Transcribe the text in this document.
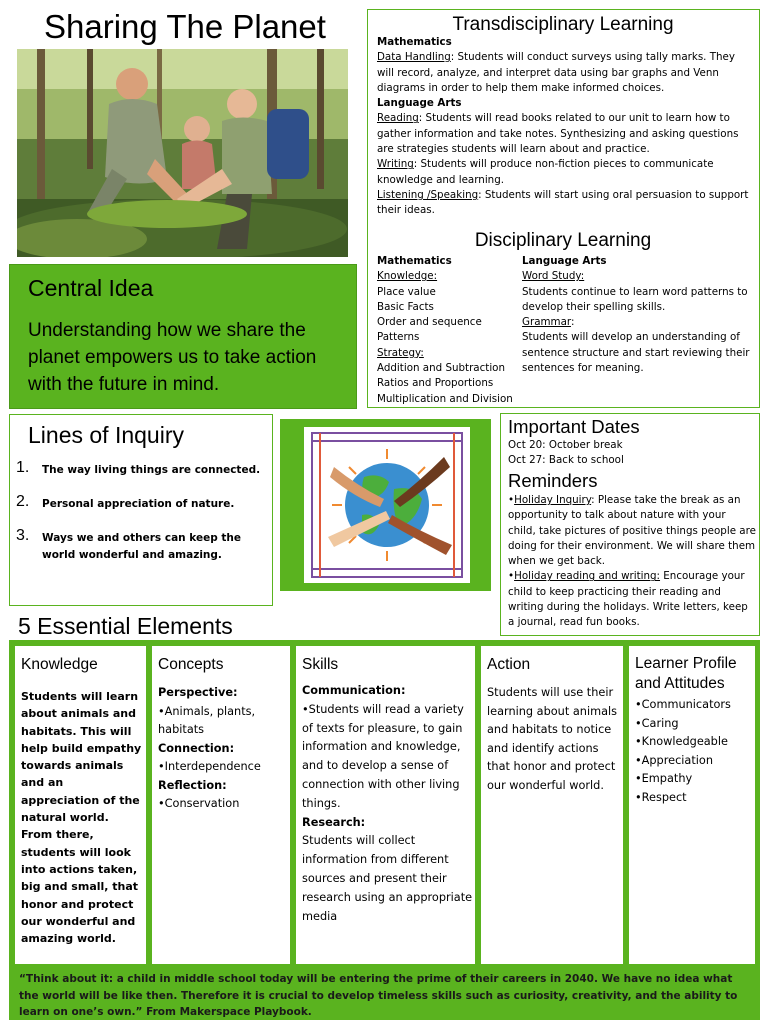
Sharing The Planet
Central Idea
Understanding how we share the planet empowers us to take action with the future in mind.
Transdisciplinary Learning
Mathematics
Data Handling: Students will conduct surveys using tally marks. They will record, analyze, and interpret data using bar graphs and Venn diagrams in order to help them make informed choices.
Language Arts
Reading: Students will read books related to our unit to learn how to gather information and take notes. Synthesizing and asking questions are strategies students will learn about and practice.
Writing: Students will produce non-fiction pieces to communicate knowledge and learning.
Listening /Speaking: Students will start using oral persuasion to support their ideas.
Disciplinary Learning
Mathematics
Knowledge:
Place value
Basic Facts
Order and sequence
Patterns
Strategy:
Addition and Subtraction
Ratios and Proportions
Multiplication and Division
Language Arts
Word Study:
Students continue to learn word patterns to develop their spelling skills.
Grammar:
Students will develop an understanding of sentence structure and start reviewing their sentences for meaning.
Lines of Inquiry
1. The way living things are connected.
2. Personal appreciation of nature.
3. Ways we and others can keep the world wonderful and amazing.
Important Dates
Oct 20: October break
Oct 27: Back to school
Reminders
•Holiday Inquiry: Please take the break as an opportunity to talk about nature with your child, take pictures of positive things people are doing for their environment. We will share them when we get back.
•Holiday reading and writing: Encourage your child to keep practicing their reading and writing during the holidays. Write letters, keep a journal, read fun books.
5 Essential Elements
Knowledge
Students will learn about animals and habitats. This will help build empathy towards animals and an appreciation of the natural world. From there, students will look into actions taken, big and small, that honor and protect our wonderful and amazing world.
Concepts
Perspective:
•Animals, plants, habitats
Connection:
•Interdependence
Reflection:
•Conservation
Skills
Communication:
•Students will read a variety of texts for pleasure, to gain information and knowledge, and to develop a sense of connection with other living things.
Research:
Students will collect information from different sources and present their research using an appropriate media
Action
Students will use their learning about animals and habitats to notice and identify actions that honor and protect our wonderful world.
Learner Profile and Attitudes
•Communicators
•Caring
•Knowledgeable
•Appreciation
•Empathy
•Respect
“Think about it: a child in middle school today will be entering the prime of their careers in 2040. We have no idea what the world will be like then. Therefore it is crucial to develop timeless skills such as curiosity, creativity, and the ability to learn on one’s own.” From Makerspace Playbook.
